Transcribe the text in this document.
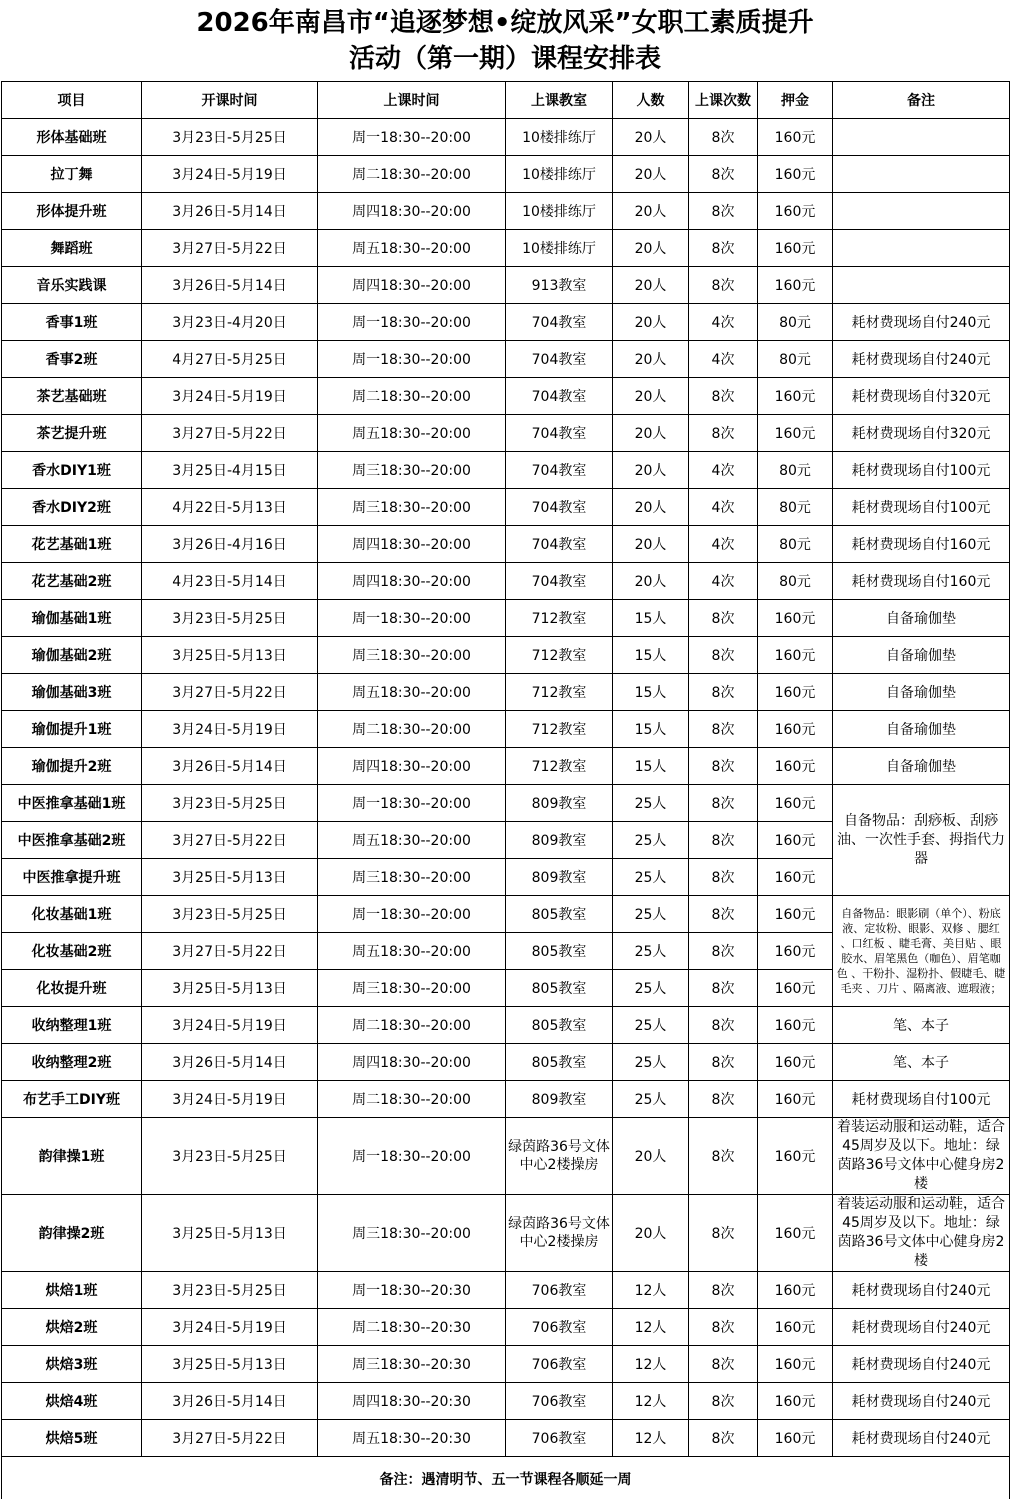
2026年南昌市“追逐梦想•绽放风采”女职工素质提升
活动（第一期）课程安排表
项目	开课时间	上课时间	上课教室	人数	上课次数	押金	备注
形体基础班	3月23日-5月25日	周一18:30--20:00	10楼排练厅	20人	8次	160元	
拉丁舞	3月24日-5月19日	周二18:30--20:00	10楼排练厅	20人	8次	160元	
形体提升班	3月26日-5月14日	周四18:30--20:00	10楼排练厅	20人	8次	160元	
舞蹈班	3月27日-5月22日	周五18:30--20:00	10楼排练厅	20人	8次	160元	
音乐实践课	3月26日-5月14日	周四18:30--20:00	913教室	20人	8次	160元	
香事1班	3月23日-4月20日	周一18:30--20:00	704教室	20人	4次	80元	耗材费现场自付240元
香事2班	4月27日-5月25日	周一18:30--20:00	704教室	20人	4次	80元	耗材费现场自付240元
茶艺基础班	3月24日-5月19日	周二18:30--20:00	704教室	20人	8次	160元	耗材费现场自付320元
茶艺提升班	3月27日-5月22日	周五18:30--20:00	704教室	20人	8次	160元	耗材费现场自付320元
香水DIY1班	3月25日-4月15日	周三18:30--20:00	704教室	20人	4次	80元	耗材费现场自付100元
香水DIY2班	4月22日-5月13日	周三18:30--20:00	704教室	20人	4次	80元	耗材费现场自付100元
花艺基础1班	3月26日-4月16日	周四18:30--20:00	704教室	20人	4次	80元	耗材费现场自付160元
花艺基础2班	4月23日-5月14日	周四18:30--20:00	704教室	20人	4次	80元	耗材费现场自付160元
瑜伽基础1班	3月23日-5月25日	周一18:30--20:00	712教室	15人	8次	160元	自备瑜伽垫
瑜伽基础2班	3月25日-5月13日	周三18:30--20:00	712教室	15人	8次	160元	自备瑜伽垫
瑜伽基础3班	3月27日-5月22日	周五18:30--20:00	712教室	15人	8次	160元	自备瑜伽垫
瑜伽提升1班	3月24日-5月19日	周二18:30--20:00	712教室	15人	8次	160元	自备瑜伽垫
瑜伽提升2班	3月26日-5月14日	周四18:30--20:00	712教室	15人	8次	160元	自备瑜伽垫
中医推拿基础1班	3月23日-5月25日	周一18:30--20:00	809教室	25人	8次	160元	自备物品：刮痧板、刮痧油、一次性手套、拇指代力器
中医推拿基础2班	3月27日-5月22日	周五18:30--20:00	809教室	25人	8次	160元	
中医推拿提升班	3月25日-5月13日	周三18:30--20:00	809教室	25人	8次	160元	
化妆基础1班	3月23日-5月25日	周一18:30--20:00	805教室	25人	8次	160元	自备物品：眼影刷（单个）、粉底液、定妆粉、眼影、双修 、腮红 、口红板 、睫毛膏、美目贴 、眼胶水、眉笔黑色（咖色）、眉笔咖色 、干粉扑、湿粉扑、假睫毛、睫毛夹 、刀片 、隔离液、遮瑕液；
化妆基础2班	3月27日-5月22日	周五18:30--20:00	805教室	25人	8次	160元	
化妆提升班	3月25日-5月13日	周三18:30--20:00	805教室	25人	8次	160元	
收纳整理1班	3月24日-5月19日	周二18:30--20:00	805教室	25人	8次	160元	笔、本子
收纳整理2班	3月26日-5月14日	周四18:30--20:00	805教室	25人	8次	160元	笔、本子
布艺手工DIY班	3月24日-5月19日	周二18:30--20:00	809教室	25人	8次	160元	耗材费现场自付100元
韵律操1班	3月23日-5月25日	周一18:30--20:00	绿茵路36号文体中心2楼操房	20人	8次	160元	着装运动服和运动鞋，适合45周岁及以下。地址：绿茵路36号文体中心健身房2楼
韵律操2班	3月25日-5月13日	周三18:30--20:00	绿茵路36号文体中心2楼操房	20人	8次	160元	着装运动服和运动鞋，适合45周岁及以下。地址：绿茵路36号文体中心健身房2楼
烘焙1班	3月23日-5月25日	周一18:30--20:30	706教室	12人	8次	160元	耗材费现场自付240元
烘焙2班	3月24日-5月19日	周二18:30--20:30	706教室	12人	8次	160元	耗材费现场自付240元
烘焙3班	3月25日-5月13日	周三18:30--20:30	706教室	12人	8次	160元	耗材费现场自付240元
烘焙4班	3月26日-5月14日	周四18:30--20:30	706教室	12人	8次	160元	耗材费现场自付240元
烘焙5班	3月27日-5月22日	周五18:30--20:30	706教室	12人	8次	160元	耗材费现场自付240元
备注：遇清明节、五一节课程各顺延一周							
